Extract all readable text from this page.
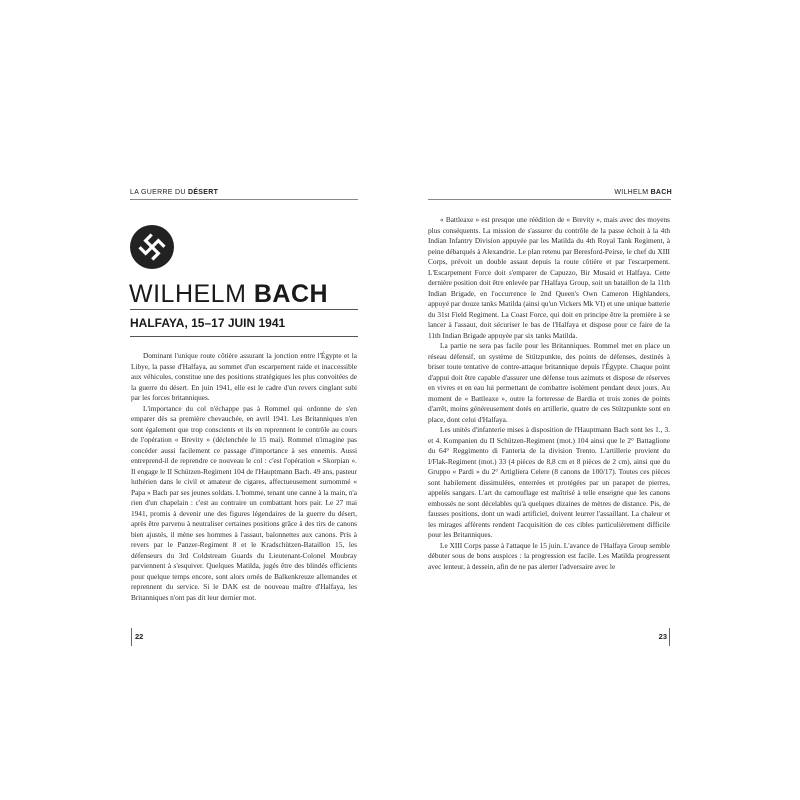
LA GUERRE DU DÉSERT
WILHELM BACH
HALFAYA, 15–17 JUIN 1941

Dominant l'unique route côtière assurant la jonction entre l'Égypte et la Libye, la passe d'Halfaya, au sommet d'un escarpement raide et inaccessible aux véhicules, constitue une des positions stratégiques les plus convoitées de la guerre du désert. En juin 1941, elle est le cadre d'un revers cinglant subi par les forces britanniques.

L'importance du col n'échappe pas à Rommel qui ordonne de s'en emparer dès sa première chevauchée, en avril 1941. Les Britanniques n'en sont également que trop conscients et ils en reprennent le contrôle au cours de l'opération « Brevity » (déclenchée le 15 mai). Rommel n'imagine pas concéder aussi facilement ce passage d'importance à ses ennemis. Aussi entreprend-il de reprendre ce nouveau le col : c'est l'opération « Skorpian ». Il engage le II Schützen-Regiment 104 de l'Hauptmann Bach. 49 ans, pasteur luthérien dans le civil et amateur de cigares, affectueusement surnommé « Papa » Bach par ses jeunes soldats. L'homme, tenant une canne à la main, n'a rien d'un chapelain : c'est au contraire un combattant hors pair. Le 27 mai 1941, promis à devenir une des figures légendaires de la guerre du désert, après être parvenu à neutraliser certaines positions grâce à des tirs de canons bien ajustés, il mène ses hommes à l'assaut, baïonnettes aux canons. Pris à revers par le Panzer-Regiment 8 et le Kradschützen-Bataillon 15, les défenseurs du 3rd Coldstream Guards du Lieutenant-Colonel Moubray parviennent à s'esquiver. Quelques Matilda, jugés être des blindés efficients pour quelque temps encore, sont alors ornés de Balkenkreuze allemandes et reprennent du service. Si le DAK est de nouveau maître d'Halfaya, les Britanniques n'ont pas dit leur dernier mot.

22
WILHELM BACH

« Battleaxe » est presque une réédition de « Brevity », mais avec des moyens plus conséquents. La mission de s'assurer du contrôle de la passe échoit à la 4th Indian Infantry Division appuyée par les Matilda du 4th Royal Tank Regiment, à peine débarqués à Alexandrie. Le plan retenu par Beresford-Peirse, le chef du XIII Corps, prévoit un double assaut depuis la route côtière et par l'escarpement. L'Escarpement Force doit s'emparer de Capuzzo, Bir Musaid et Halfaya. Cette dernière position doit être enlevée par l'Halfaya Group, soit un bataillon de la 11th Indian Brigade, en l'occurrence le 2nd Queen's Own Cameron Highlanders, appuyé par douze tanks Matilda (ainsi qu'un Vickers Mk VI) et une unique batterie du 31st Field Regiment. La Coast Force, qui doit en principe être la première à se lancer à l'assaut, doit sécuriser le bas de l'Halfaya et dispose pour ce faire de la 11th Indian Brigade appuyée par six tanks Matilda.

La partie ne sera pas facile pour les Britanniques. Rommel met en place un réseau défensif, un système de Stützpunkte, des points de défenses, destinés à briser toute tentative de contre-attaque britannique depuis l'Égypte. Chaque point d'appui doit être capable d'assurer une défense tous azimuts et dispose de réserves en vivres et en eau lui permettant de combattre isolément pendant deux jours. Au moment de « Battleaxe », outre la forteresse de Bardia et trois zones de points d'arrêt, moins généreusement dotés en artillerie, quatre de ces Stützpunkte sont en place, dont celui d'Halfaya.

Les unités d'infanterie mises à disposition de l'Hauptmann Bach sont les 1., 3. et 4. Kompanien du II Schützen-Regiment (mot.) 104 ainsi que le 2° Battaglione du 64° Reggimento di Fanteria de la division Trento. L'artillerie provient du I/Flak-Regiment (mot.) 33 (4 pièces de 8,8 cm et 8 pièces de 2 cm), ainsi que du Gruppo « Pardi » du 2° Artigliera Celere (8 canons de 100/17). Toutes ces pièces sont habilement dissimulées, enterrées et protégées par un parapet de pierres, appelés sangars. L'art du camouflage est maîtrisé à telle enseigne que les canons embossés ne sont décelables qu'à quelques dizaines de mètres de distance. Pis, de fausses positions, dont un wadi artificiel, doivent leurrer l'assaillant. La chaleur et les mirages afférents rendent l'acquisition de ces cibles particulièrement difficile pour les Britanniques.

Le XIII Corps passe à l'attaque le 15 juin. L'avance de l'Halfaya Group semble débuter sous de bons auspices : la progression est facile. Les Matilda progressent avec lenteur, à dessein, afin de ne pas alerter l'adversaire avec le

23
